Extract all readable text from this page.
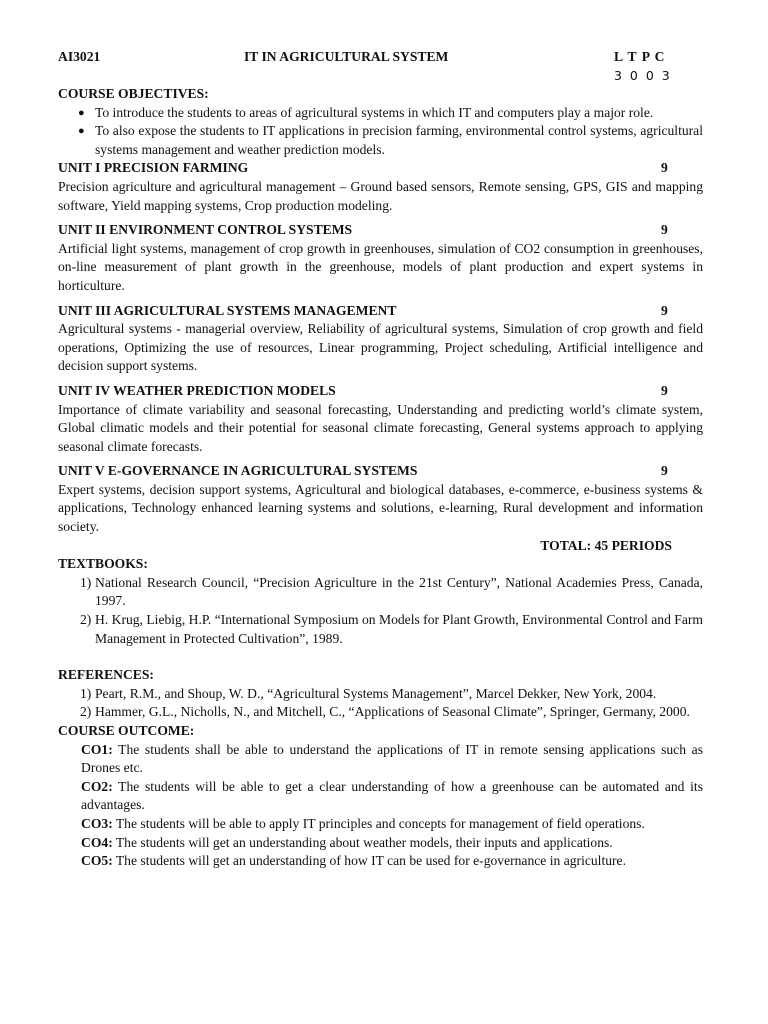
AI3021	IT IN AGRICULTURAL SYSTEM	L T P C
3 0 0 3
COURSE OBJECTIVES:
● To introduce the students to areas of agricultural systems in which IT and computers play a major role.
● To also expose the students to IT applications in precision farming, environmental control systems, agricultural systems management and weather prediction models.
UNIT I PRECISION FARMING	9

Precision agriculture and agricultural management – Ground based sensors, Remote sensing, GPS, GIS and mapping software, Yield mapping systems, Crop production modeling.

UNIT II ENVIRONMENT CONTROL SYSTEMS	9

Artificial light systems, management of crop growth in greenhouses, simulation of CO2 consumption in greenhouses, on-line measurement of plant growth in the greenhouse, models of plant production and expert systems in horticulture.

UNIT III AGRICULTURAL SYSTEMS MANAGEMENT	9

Agricultural systems - managerial overview, Reliability of agricultural systems, Simulation of crop growth and field operations, Optimizing the use of resources, Linear programming, Project scheduling, Artificial intelligence and decision support systems.

UNIT IV WEATHER PREDICTION MODELS	9

Importance of climate variability and seasonal forecasting, Understanding and predicting world’s climate system, Global climatic models and their potential for seasonal climate forecasting, General systems approach to applying seasonal climate forecasts.

UNIT V E-GOVERNANCE IN AGRICULTURAL SYSTEMS	9

Expert systems, decision support systems, Agricultural and biological databases, e-commerce, e-business systems & applications, Technology enhanced learning systems and solutions, e-learning, Rural development and information society.

TOTAL: 45 PERIODS
TEXTBOOKS:
1) National Research Council, “Precision Agriculture in the 21st Century”, National Academies Press, Canada, 1997.
2) H. Krug, Liebig, H.P. “International Symposium on Models for Plant Growth, Environmental Control and Farm Management in Protected Cultivation”, 1989.
REFERENCES:
1) Peart, R.M., and Shoup, W. D., “Agricultural Systems Management”, Marcel Dekker, New York, 2004.
2) Hammer, G.L., Nicholls, N., and Mitchell, C., “Applications of Seasonal Climate”, Springer, Germany, 2000.
COURSE OUTCOME:
CO1: The students shall be able to understand the applications of IT in remote sensing applications such as Drones etc.
CO2: The students will be able to get a clear understanding of how a greenhouse can be automated and its advantages.
CO3: The students will be able to apply IT principles and concepts for management of field operations.
CO4: The students will get an understanding about weather models, their inputs and applications.
CO5: The students will get an understanding of how IT can be used for e-governance in agriculture.
